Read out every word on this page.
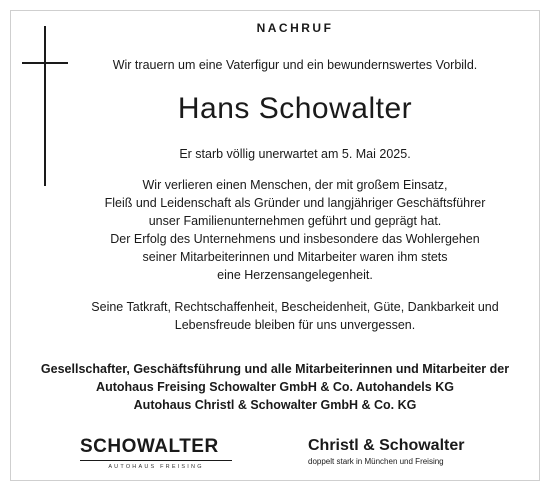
NACHRUF
Wir trauern um eine Vaterfigur und ein bewundernswertes Vorbild.
Hans Schowalter
Er starb völlig unerwartet am 5. Mai 2025.
Wir verlieren einen Menschen, der mit großem Einsatz,
Fleiß und Leidenschaft als Gründer und langjähriger Geschäftsführer
unser Familienunternehmen geführt und geprägt hat.
Der Erfolg des Unternehmens und insbesondere das Wohlergehen
seiner Mitarbeiterinnen und Mitarbeiter waren ihm stets
eine Herzensangelegenheit.
Seine Tatkraft, Rechtschaffenheit, Bescheidenheit, Güte, Dankbarkeit und
Lebensfreude bleiben für uns unvergessen.
Gesellschafter, Geschäftsführung und alle Mitarbeiterinnen und Mitarbeiter der
Autohaus Freising Schowalter GmbH & Co. Autohandels KG
Autohaus Christl & Schowalter GmbH & Co. KG
SCHOWALTER
AUTOHAUS FREISING
Christl & Schowalter
doppelt stark in München und Freising
